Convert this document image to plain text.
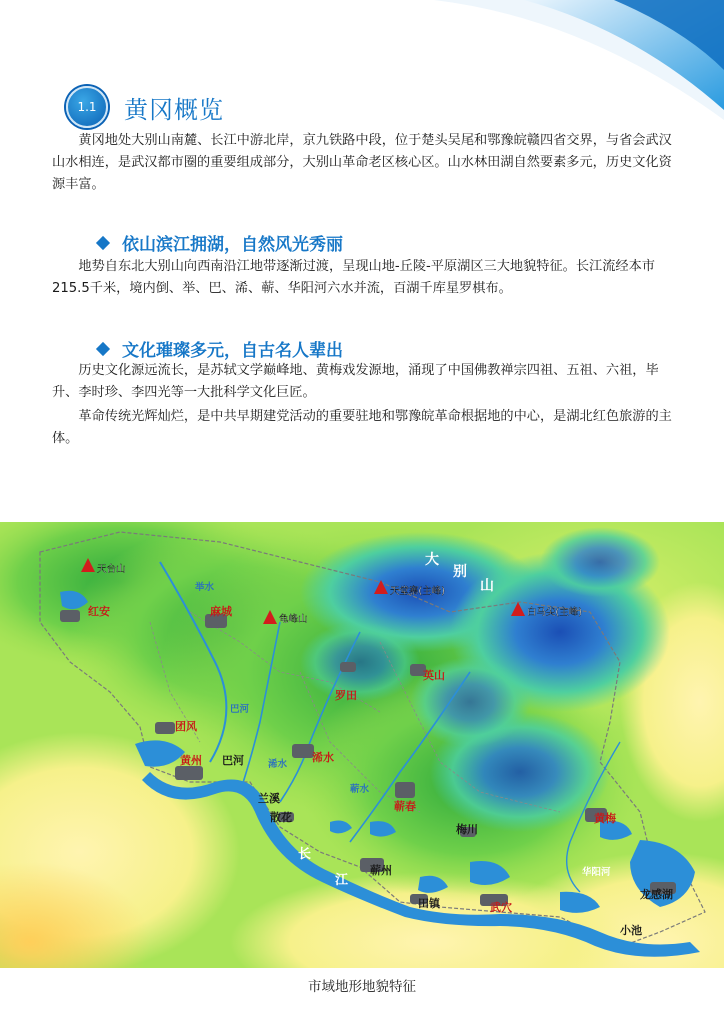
1.1	黄冈概览

黄冈地处大别山南麓、长江中游北岸，京九铁路中段，位于楚头吴尾和鄂豫皖赣四省交界，与省会武汉山水相连，是武汉都市圈的重要组成部分，大别山革命老区核心区。山水林田湖自然要素多元，历史文化资源丰富。

依山滨江拥湖，自然风光秀丽

地势自东北大别山向西南沿江地带逐渐过渡，呈现山地-丘陵-平原湖区三大地貌特征。长江流经本市215.5千米，境内倒、举、巴、浠、蕲、华阳河六水并流，百湖千库星罗棋布。

文化璀璨多元，自古名人辈出

历史文化源远流长，是苏轼文学巅峰地、黄梅戏发源地，涌现了中国佛教禅宗四祖、五祖、六祖，毕升、李时珍、李四光等一大批科学文化巨匠。

革命传统光辉灿烂，是中共早期建党活动的重要驻地和鄂豫皖革命根据地的中心，是湖北红色旅游的主体。

天台山
天堂寨(主峰)
龟峰山
白马尖(主峰)
大
别
山
长
江
举水
巴河
浠水
蕲水
华阳河
红安	麻城
罗田
英山
团风
黄州	浠水
蕲春
黄梅
武穴
巴河
兰溪
散花
梅川
蕲州
田镇
龙感湖
小池
市域地形地貌特征
